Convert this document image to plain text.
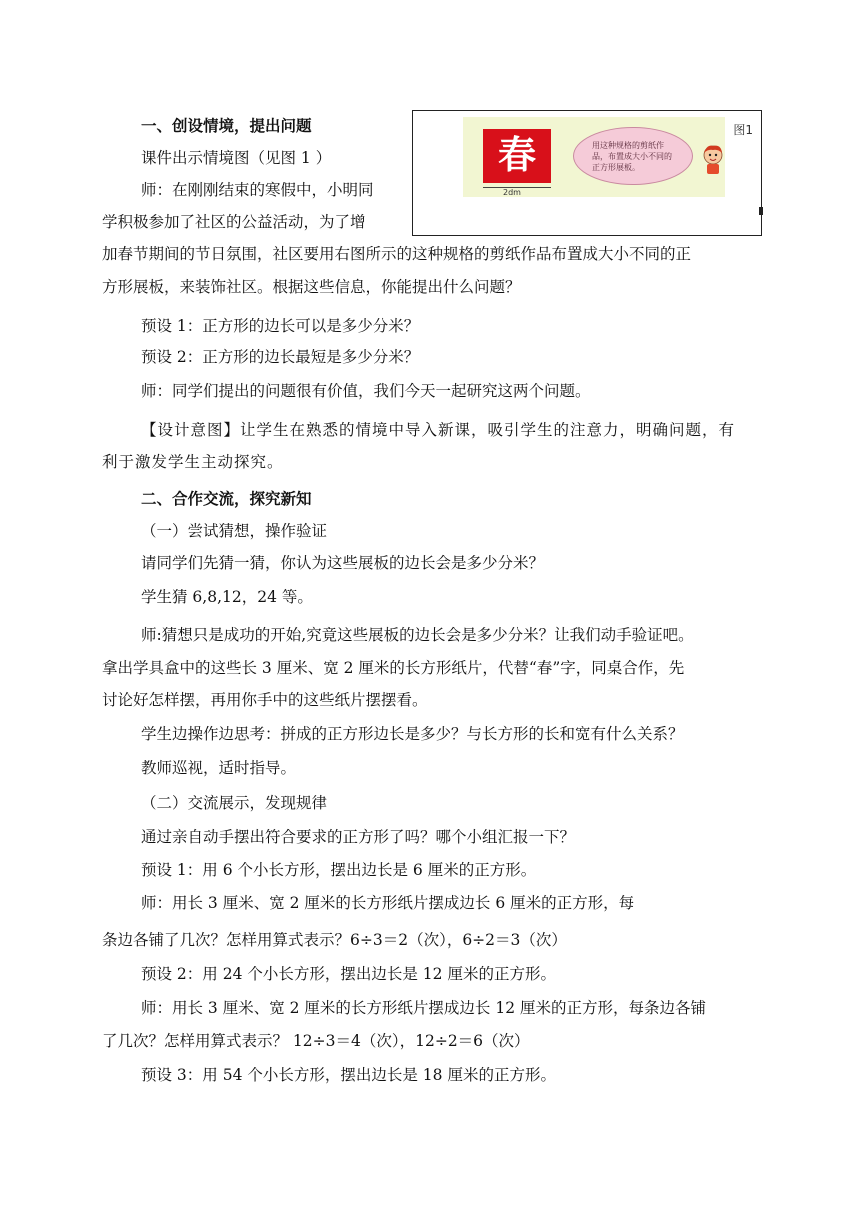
春
2dm
用这种规格的剪纸作品，布置成大小不同的正方形展板。
图1
一、创设情境，提出问题
课件出示情境图（见图 1 ）
师：在刚刚结束的寒假中，小明同
学积极参加了社区的公益活动，为了增
加春节期间的节日氛围，社区要用右图所示的这种规格的剪纸作品布置成大小不同的正
方形展板，来装饰社区。根据这些信息，你能提出什么问题？
预设 1：正方形的边长可以是多少分米？
预设 2：正方形的边长最短是多少分米？
师：同学们提出的问题很有价值，我们今天一起研究这两个问题。
【设计意图】让学生在熟悉的情境中导入新课，吸引学生的注意力，明确问题，有
利于激发学生主动探究。
二、合作交流，探究新知
（一）尝试猜想，操作验证
请同学们先猜一猜，你认为这些展板的边长会是多少分米？
学生猜 6,8,12，24 等。
师:猜想只是成功的开始,究竟这些展板的边长会是多少分米？让我们动手验证吧。
拿出学具盒中的这些长 3 厘米、宽 2 厘米的长方形纸片，代替“春”字，同桌合作，先
讨论好怎样摆，再用你手中的这些纸片摆摆看。
学生边操作边思考：拼成的正方形边长是多少？与长方形的长和宽有什么关系？
教师巡视，适时指导。
（二）交流展示，发现规律
通过亲自动手摆出符合要求的正方形了吗？哪个小组汇报一下？
预设 1：用 6 个小长方形，摆出边长是 6 厘米的正方形。
师：用长 3 厘米、宽 2 厘米的长方形纸片摆成边长 6 厘米的正方形，每
条边各铺了几次？怎样用算式表示？6÷3＝2（次），6÷2＝3（次）
预设 2：用 24 个小长方形，摆出边长是 12 厘米的正方形。
师：用长 3 厘米、宽 2 厘米的长方形纸片摆成边长 12 厘米的正方形，每条边各铺
了几次？怎样用算式表示？ 12÷3＝4（次），12÷2＝6（次）
预设 3：用 54 个小长方形，摆出边长是 18 厘米的正方形。
